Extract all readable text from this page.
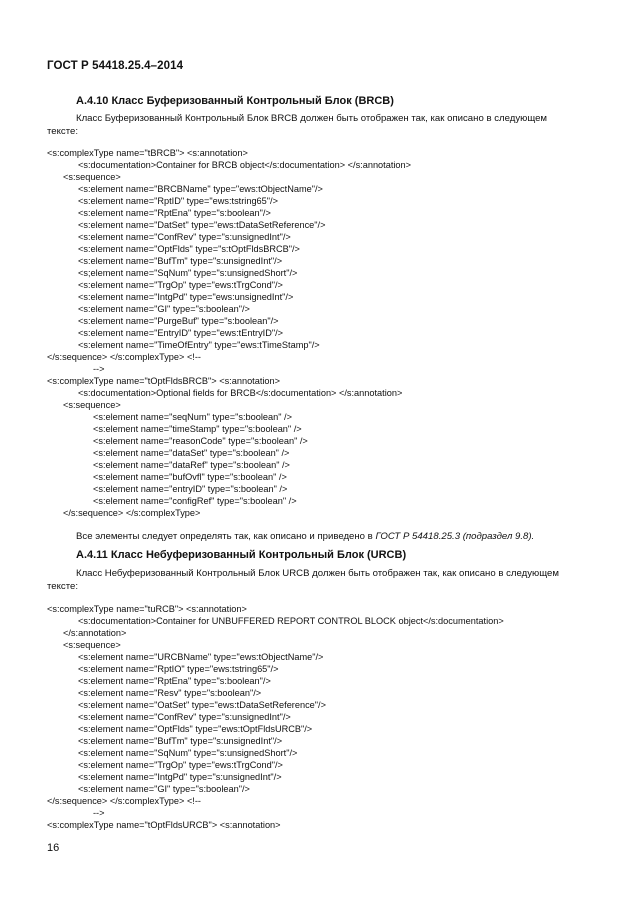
ГОСТ Р 54418.25.4–2014
А.4.10 Класс Буферизованный Контрольный Блок (BRCB)
Класс Буферизованный Контрольный Блок BRCB должен быть отображен так, как описано в следующем
тексте:
<s:complexType name="tBRCB"> <s:annotation>
<s:documentation>Container for BRCB object</s:documentation> </s:annotation>
<s:sequence>
<s:element name="BRCBName" type="ews:tObjectName"/>
<s:element name="RptID" type="ews:tstring65"/>
<s:element name="RptEna" type="s:boolean"/>
<s:element name="DatSet" type="ews:tDataSetReference"/>
<s:element name="ConfRev" type="s:unsignedInt"/>
<s:element name="OptFlds" type="s:tOptFldsBRCB"/>
<s:element name="BufTm" type="s:unsignedInt"/>
<s;element name="SqNum" type="s:unsignedShort"/>
<s:element name="TrgOp" type="ews:tTrgCond"/>
<s:element name="IntgPd" type="ews:unsignedInt"/>
<s:element name="GI" type="s:boolean"/>
<s:element name="PurgeBuf" type="s:boolean"/>
<s:element name="EntryID" type="ews:tEntryID"/>
<s:element name="TimeOfEntry" type="ews:tTimeStamp"/>
</s:sequence> </s:complexType> <!--
-->
<s:complexType name="tOptFldsBRCB"> <s:annotation>
<s:documentation>Optional fields for BRCB</s:documentation> </s:annotation>
<s:sequence>
<s:element name="seqNum" type="s:boolean" />
<s:element name="timeStamp" type="s:boolean" />
<s:element name="reasonCode" type="s:boolean" />
<s:element name="dataSet" type="s:boolean" />
<s:element name="dataRef" type="s:boolean" />
<s:element name="bufOvfl" type="s:boolean" />
<s:element name="entryID" type="s:boolean" />
<s:element name="configRef" type="s:boolean" />
</s:sequence> </s:complexType>
Все элементы следует определять так, как описано и приведено в ГОСТ Р 54418.25.3 (подраздел 9.8).
А.4.11 Класс Небуферизованный Контрольный Блок (URCB)
Класс Небуферизованный Контрольный Блок URCB должен быть отображен так, как описано в следующем
тексте:
<s:complexType name="tuRCB"> <s:annotation>
<s:documentation>Container for UNBUFFERED REPORT CONTROL BLOCK object</s:documentation>
</s:annotation>
<s:sequence>
<s:element name="URCBName" type="ews:tObjectName"/>
<s:element name="RptIO" type="ews:tstring65"/>
<s:element name="RptEna" type="s:boolean"/>
<s:element name="Resv" type="s:boolean"/>
<s:element name="OatSet" type="ews:tDataSetReference"/>
<s:element name="ConfRev" type="s:unsignedInt"/>
<s:element name="OptFlds" type="ews:tOptFldsURCB"/>
<s:element name="BufTm" type="s:unsignedInt"/>
<s:element name="SqNum" type="s:unsignedShort"/>
<s:element name="TrgOp" type="ews:tTrgCond"/>
<s:element name="IntgPd" type="s:unsignedInt"/>
<s:element name="GI" type="s:boolean"/>
</s:sequence> </s:complexType> <!--
-->
<s:complexType name="tOptFldsURCB"> <s:annotation>
16
